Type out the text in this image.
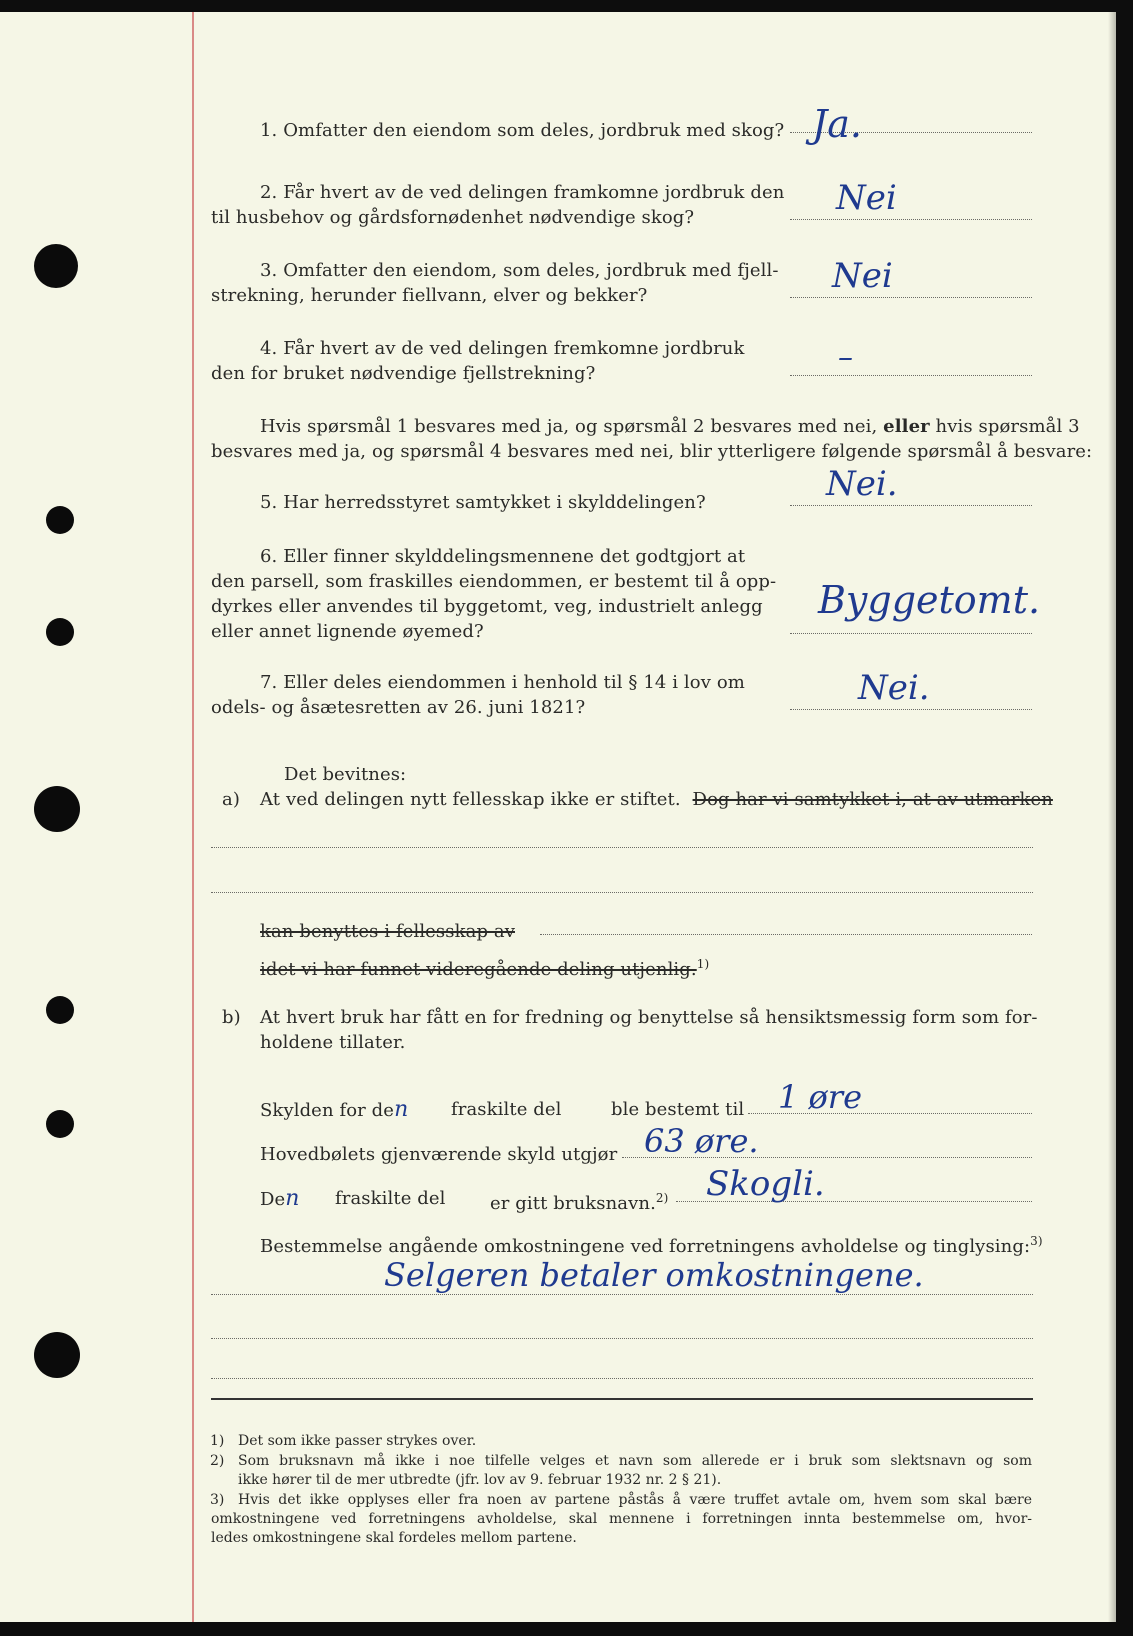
1. Omfatter den eiendom som deles, jordbruk med skog? Ja.
2. Får hvert av de ved delingen framkomne jordbruk den
til husbehov og gårdsfornødenhet nødvendige skog?	Nei
3. Omfatter den eiendom, som deles, jordbruk med fjell-
strekning, herunder fiellvann, elver og bekker?	Nei
4. Får hvert av de ved delingen fremkomne jordbruk
den for bruket nødvendige fjellstrekning?	–
Hvis spørsmål 1 besvares med ja, og spørsmål 2 besvares med nei, eller hvis spørsmål 3
besvares med ja, og spørsmål 4 besvares med nei, blir ytterligere følgende spørsmål å besvare:
5. Har herredsstyret samtykket i skylddelingen?	Nei.
6. Eller finner skylddelingsmennene det godtgjort at
den parsell, som fraskilles eiendommen, er bestemt til å opp-
dyrkes eller anvendes til byggetomt, veg, industrielt anlegg
eller annet lignende øyemed?
Byggetomt.
7. Eller deles eiendommen i henhold til § 14 i lov om
odels- og åsætesretten av 26. juni 1821?	Nei.
Det bevitnes:
a) At ved delingen nytt fellesskap ikke er stiftet. Dog har vi samtykket i, at av utmarken
kan benyttes i fellesskap av
idet vi har funnet videregående deling utjenlig.$^{1)}$
b) At hvert bruk har fått en for fredning og benyttelse så hensiktsmessig form som for-
holdene tillater.
Skylden for den fraskilte del	ble bestemt til 1 øre
Hovedbølets gjenværende skyld utgjør 63 øre.
Den fraskilte del er gitt bruksnavn.$^{2)}$ Skogli.
Bestemmelse angående omkostningene ved forretningens avholdelse og tinglysing:$^{3)}$
Selgeren betaler omkostningene.
1) Det som ikke passer strykes over.
2) Som bruksnavn må ikke i noe tilfelle velges et navn som allerede er i bruk som slektsnavn og som
ikke hører til de mer utbredte (jfr. lov av 9. februar 1932 nr. 2 § 21).
3) Hvis det ikke opplyses eller fra noen av partene påstås å være truffet avtale om, hvem som skal bære
omkostningene ved forretningens avholdelse, skal mennene i forretningen innta bestemmelse om, hvor-
ledes omkostningene skal fordeles mellom partene.
